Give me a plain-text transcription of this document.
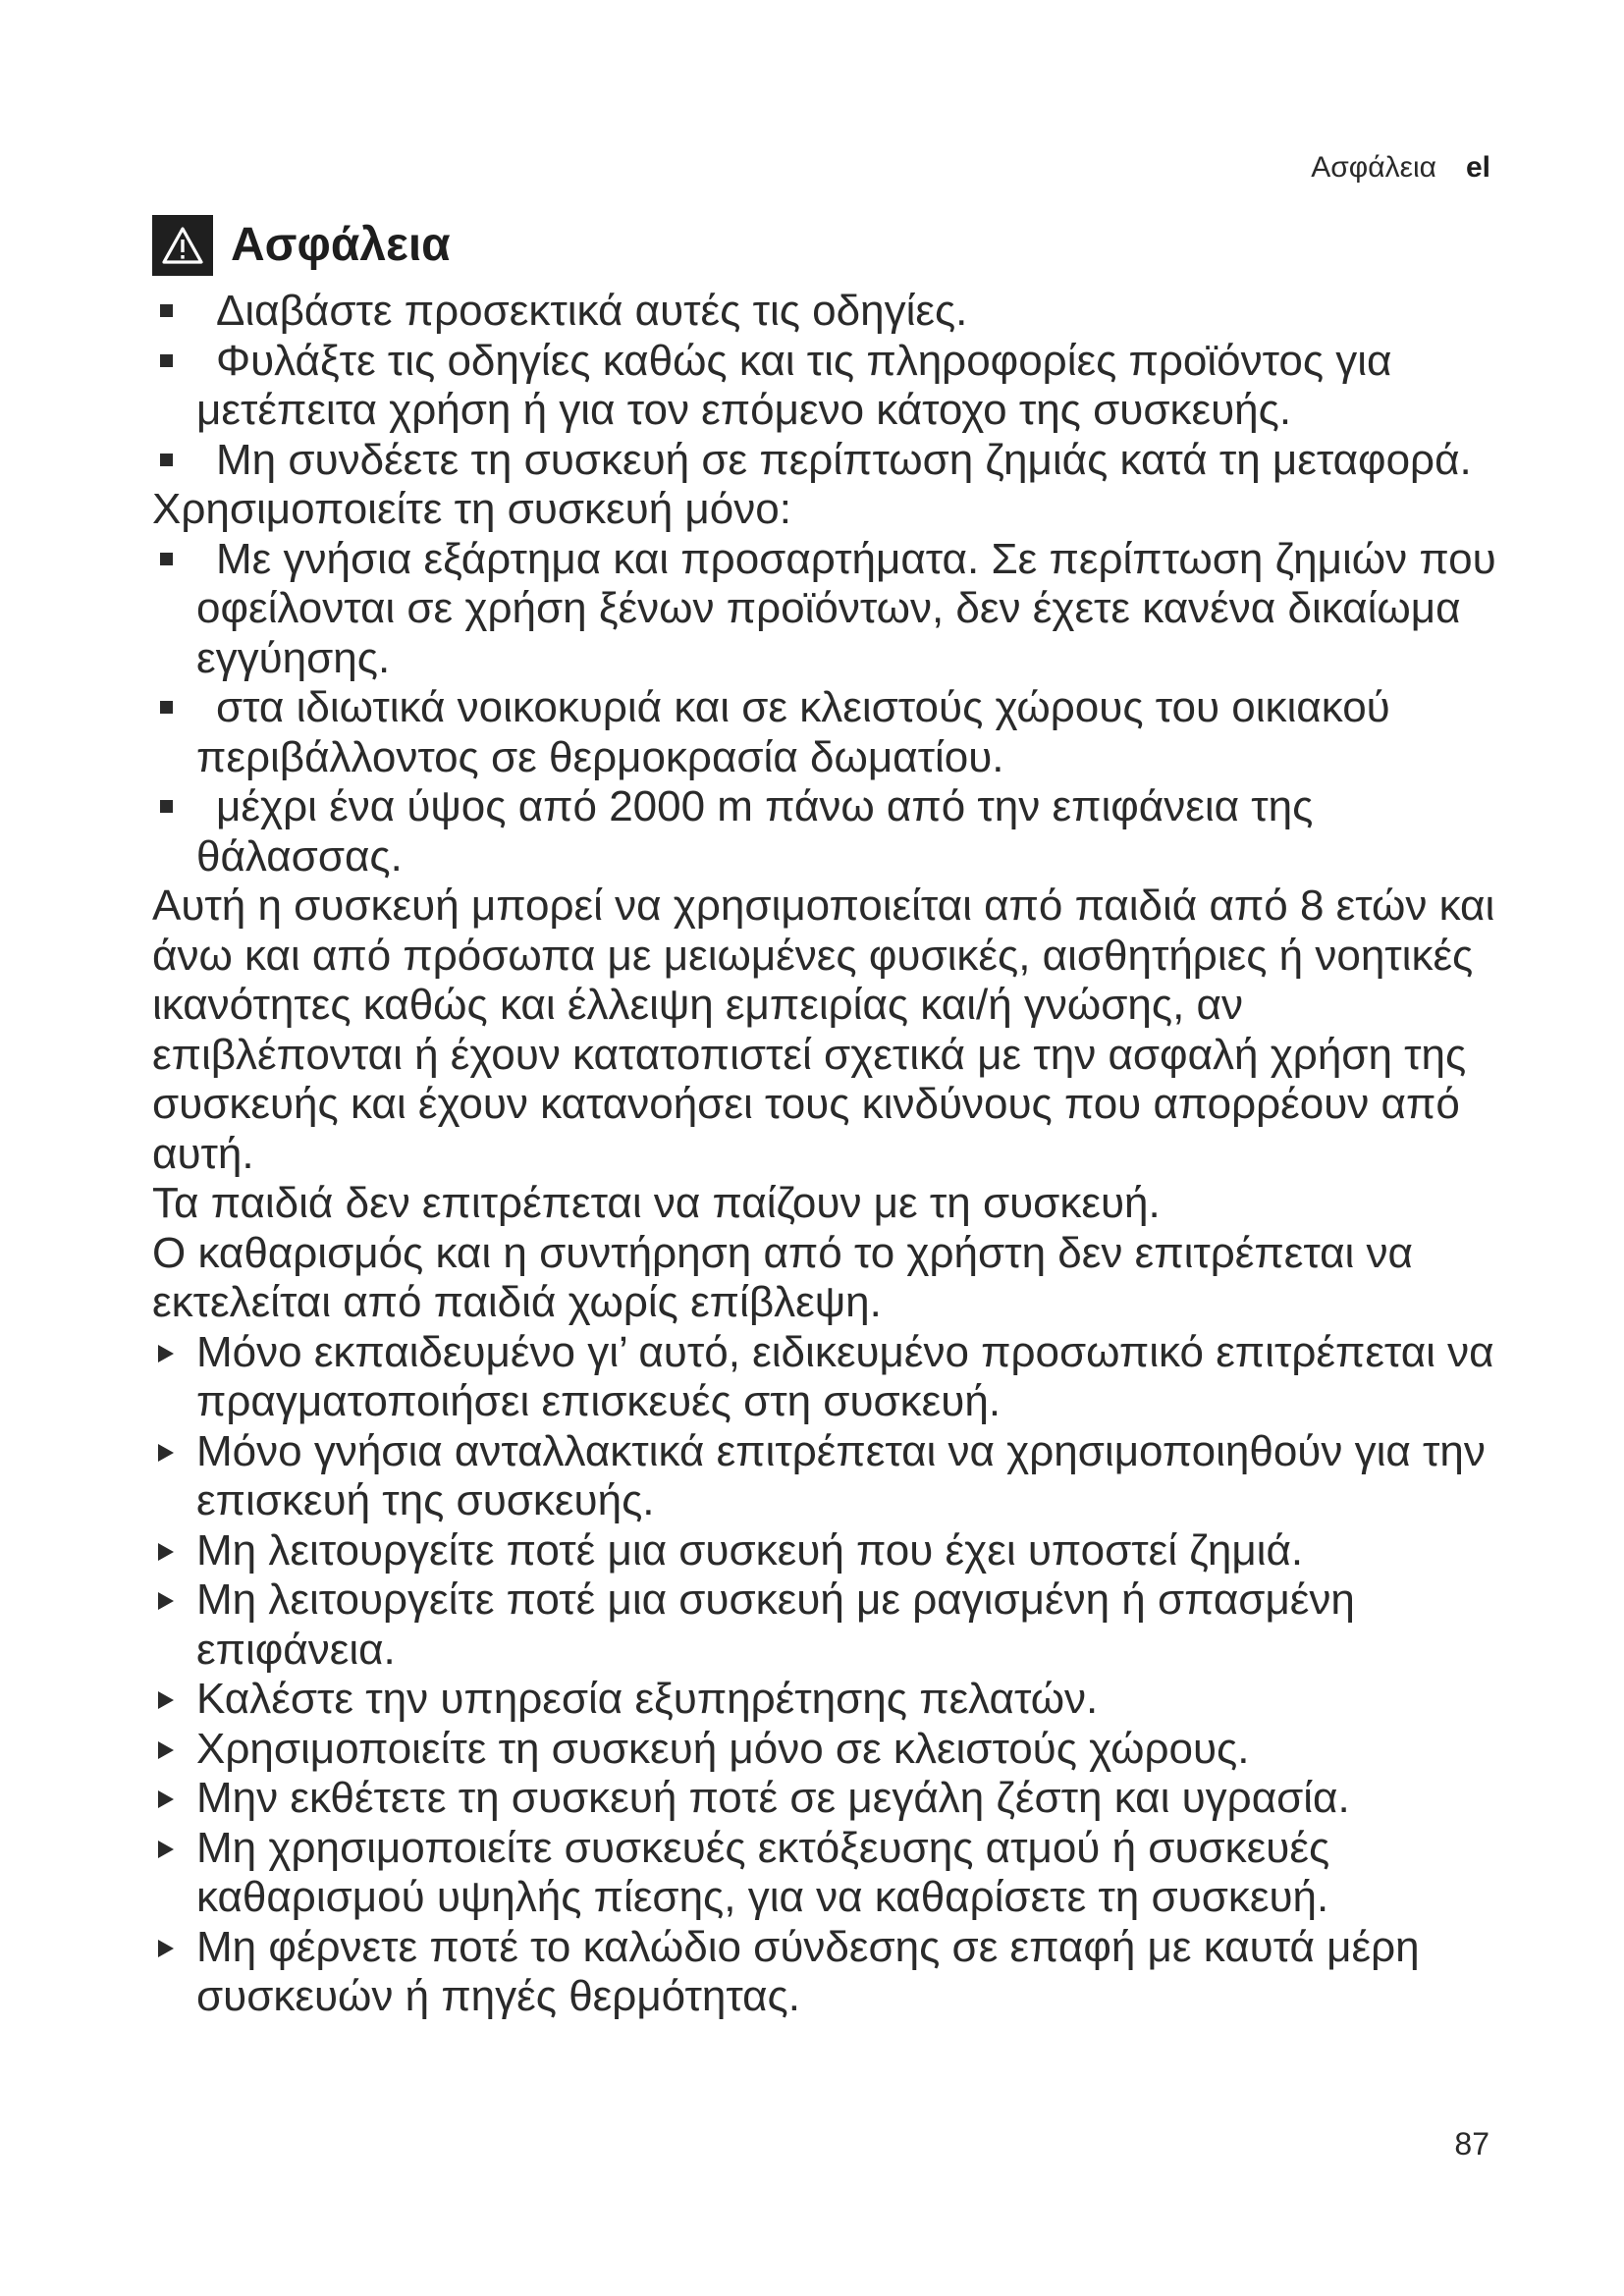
Ασφάλεια el
Ασφάλεια
Διαβάστε προσεκτικά αυτές τις οδηγίες.
Φυλάξτε τις οδηγίες καθώς και τις πληροφορίες προϊόντος για μετέπειτα χρήση ή για τον επόμενο κάτοχο της συσκευής.
Μη συνδέετε τη συσκευή σε περίπτωση ζημιάς κατά τη μεταφορά.

Χρησιμοποιείτε τη συσκευή μόνο:

Με γνήσια εξάρτημα και προσαρτήματα. Σε περίπτωση ζημιών που οφείλονται σε χρήση ξένων προϊόντων, δεν έχετε κανένα δικαίωμα εγγύησης.
στα ιδιωτικά νοικοκυριά και σε κλειστούς χώρους του οικιακού περιβάλλοντος σε θερμοκρασία δωματίου.
μέχρι ένα ύψος από 2000 m πάνω από την επιφάνεια της θάλασσας.

Αυτή η συσκευή μπορεί να χρησιμοποιείται από παιδιά από 8 ετών και άνω και από πρόσωπα με μειωμένες φυσικές, αισθητήριες ή νοητικές ικανότητες καθώς και έλλειψη εμπειρίας και/ή γνώσης, αν επιβλέπονται ή έχουν κατατοπιστεί σχετικά με την ασφαλή χρήση της συσκευής και έχουν κατανοήσει τους κινδύνους που απορρέουν από αυτή.

Τα παιδιά δεν επιτρέπεται να παίζουν με τη συσκευή.

Ο καθαρισμός και η συντήρηση από το χρήστη δεν επιτρέπεται να εκτελείται από παιδιά χωρίς επίβλεψη.

Μόνο εκπαιδευμένο γι’ αυτό, ειδικευμένο προσωπικό επιτρέπεται να πραγματοποιήσει επισκευές στη συσκευή.
Μόνο γνήσια ανταλλακτικά επιτρέπεται να χρησιμοποιηθούν για την επισκευή της συσκευής.
Μη λειτουργείτε ποτέ μια συσκευή που έχει υποστεί ζημιά.
Μη λειτουργείτε ποτέ μια συσκευή με ραγισμένη ή σπασμένη επιφάνεια.
Καλέστε την υπηρεσία εξυπηρέτησης πελατών.
Χρησιμοποιείτε τη συσκευή μόνο σε κλειστούς χώρους.
Μην εκθέτετε τη συσκευή ποτέ σε μεγάλη ζέστη και υγρασία.
Μη χρησιμοποιείτε συσκευές εκτόξευσης ατμού ή συσκευές καθαρισμού υψηλής πίεσης, για να καθαρίσετε τη συσκευή.
Μη φέρνετε ποτέ το καλώδιο σύνδεσης σε επαφή με καυτά μέρη συσκευών ή πηγές θερμότητας.
87
